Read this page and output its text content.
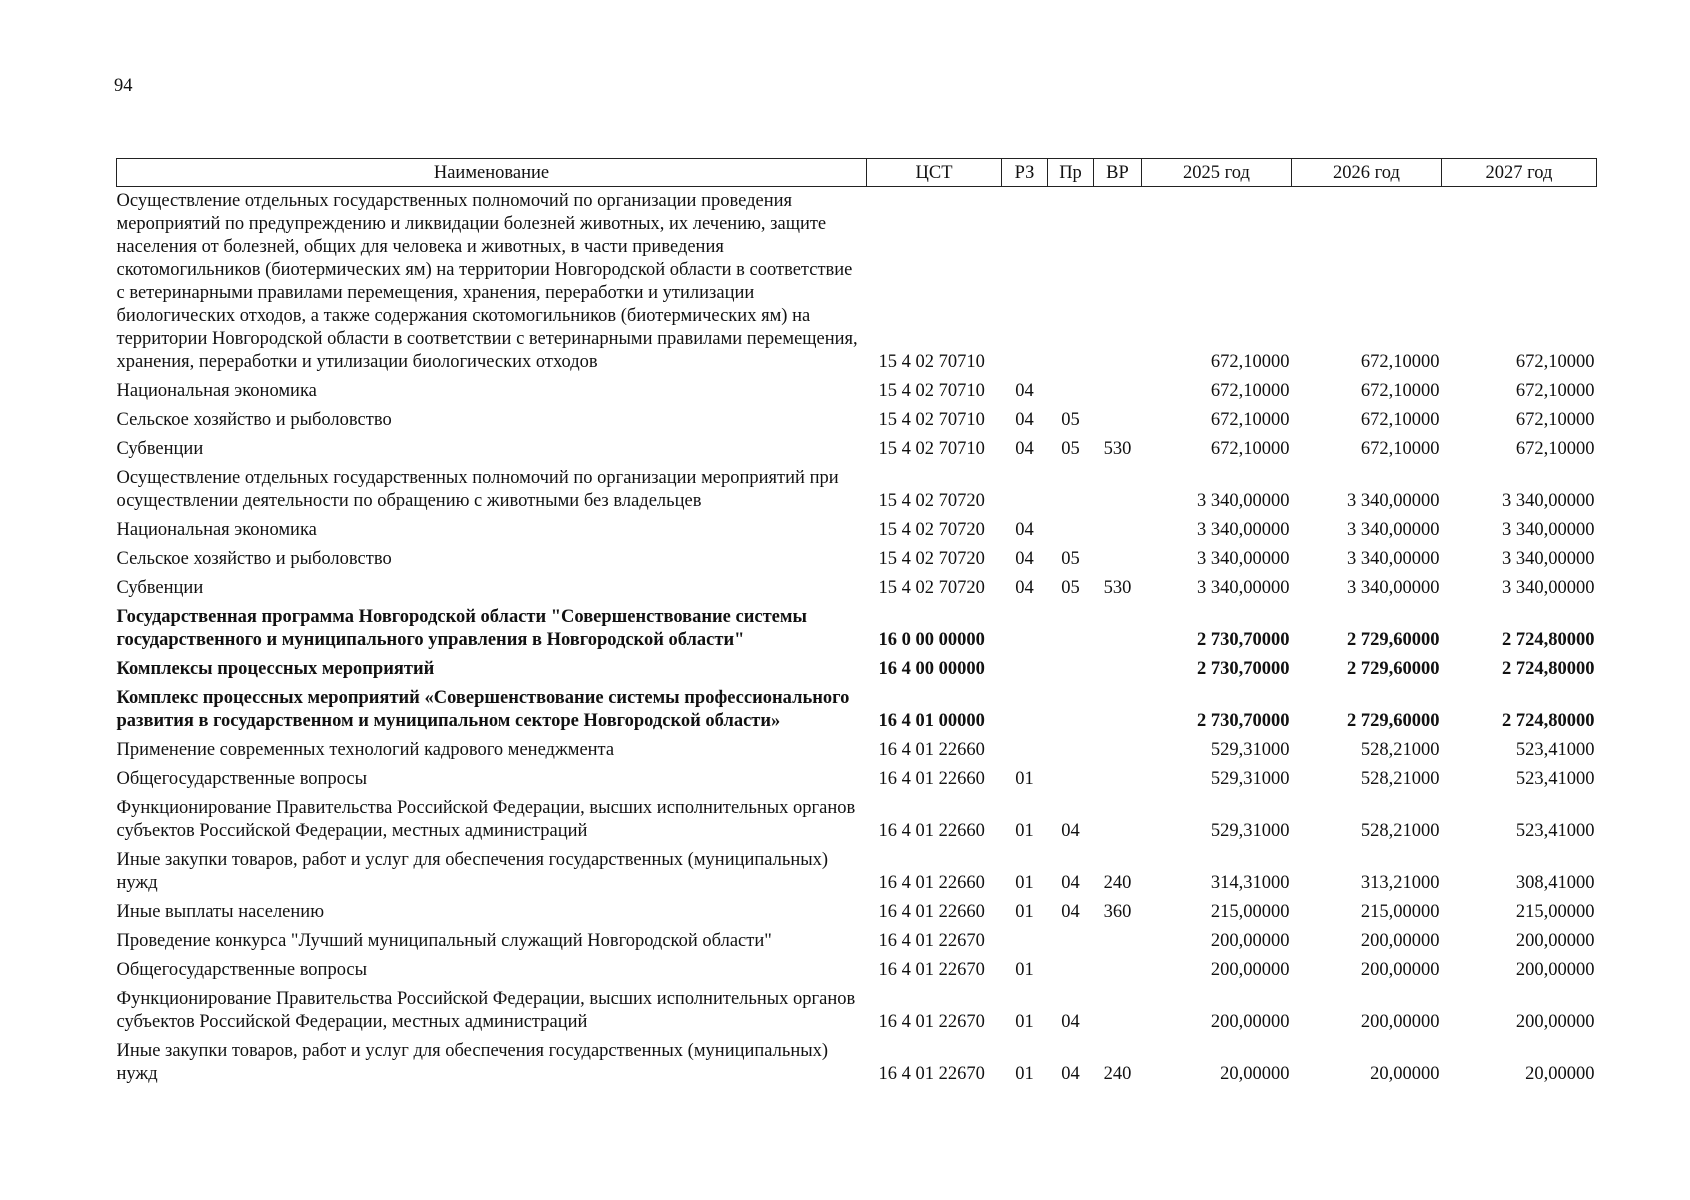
94
Наименование	ЦСТ	РЗ	Пр	ВР	2025 год	2026 год	2027 год
Осуществление отдельных государственных полномочий по организации проведения мероприятий по предупреждению и ликвидации болезней животных, их лечению, защите населения от болезней, общих для человека и животных, в части приведения скотомогильников (биотермических ям) на территории Новгородской области в соответствие с ветеринарными правилами перемещения, хранения, переработки и утилизации биологических отходов, а также содержания скотомогильников (биотермических ям) на территории Новгородской области в соответствии с ветеринарными правилами перемещения, хранения, переработки и утилизации биологических отходов	15 4 02 70710				672,10000	672,10000	672,10000
Национальная экономика	15 4 02 70710	04			672,10000	672,10000	672,10000
Сельское хозяйство и рыболовство	15 4 02 70710	04	05		672,10000	672,10000	672,10000
Субвенции	15 4 02 70710	04	05	530	672,10000	672,10000	672,10000
Осуществление отдельных государственных полномочий по организации мероприятий при осуществлении деятельности по обращению с животными без владельцев	15 4 02 70720				3 340,00000	3 340,00000	3 340,00000
Национальная экономика	15 4 02 70720	04			3 340,00000	3 340,00000	3 340,00000
Сельское хозяйство и рыболовство	15 4 02 70720	04	05		3 340,00000	3 340,00000	3 340,00000
Субвенции	15 4 02 70720	04	05	530	3 340,00000	3 340,00000	3 340,00000
Государственная программа Новгородской области "Совершенствование системы государственного и муниципального управления в Новгородской области"	16 0 00 00000				2 730,70000	2 729,60000	2 724,80000
Комплексы процессных мероприятий	16 4 00 00000				2 730,70000	2 729,60000	2 724,80000
Комплекс процессных мероприятий «Совершенствование системы профессионального развития в государственном и муниципальном секторе Новгородской области»	16 4 01 00000				2 730,70000	2 729,60000	2 724,80000
Применение современных технологий кадрового менеджмента	16 4 01 22660				529,31000	528,21000	523,41000
Общегосударственные вопросы	16 4 01 22660	01			529,31000	528,21000	523,41000
Функционирование Правительства Российской Федерации, высших исполнительных органов субъектов Российской Федерации, местных администраций	16 4 01 22660	01	04		529,31000	528,21000	523,41000
Иные закупки товаров, работ и услуг для обеспечения государственных (муниципальных) нужд	16 4 01 22660	01	04	240	314,31000	313,21000	308,41000
Иные выплаты населению	16 4 01 22660	01	04	360	215,00000	215,00000	215,00000
Проведение конкурса "Лучший муниципальный служащий Новгородской области"	16 4 01 22670				200,00000	200,00000	200,00000
Общегосударственные вопросы	16 4 01 22670	01			200,00000	200,00000	200,00000
Функционирование Правительства Российской Федерации, высших исполнительных органов субъектов Российской Федерации, местных администраций	16 4 01 22670	01	04		200,00000	200,00000	200,00000
Иные закупки товаров, работ и услуг для обеспечения государственных (муниципальных) нужд	16 4 01 22670	01	04	240	20,00000	20,00000	20,00000
